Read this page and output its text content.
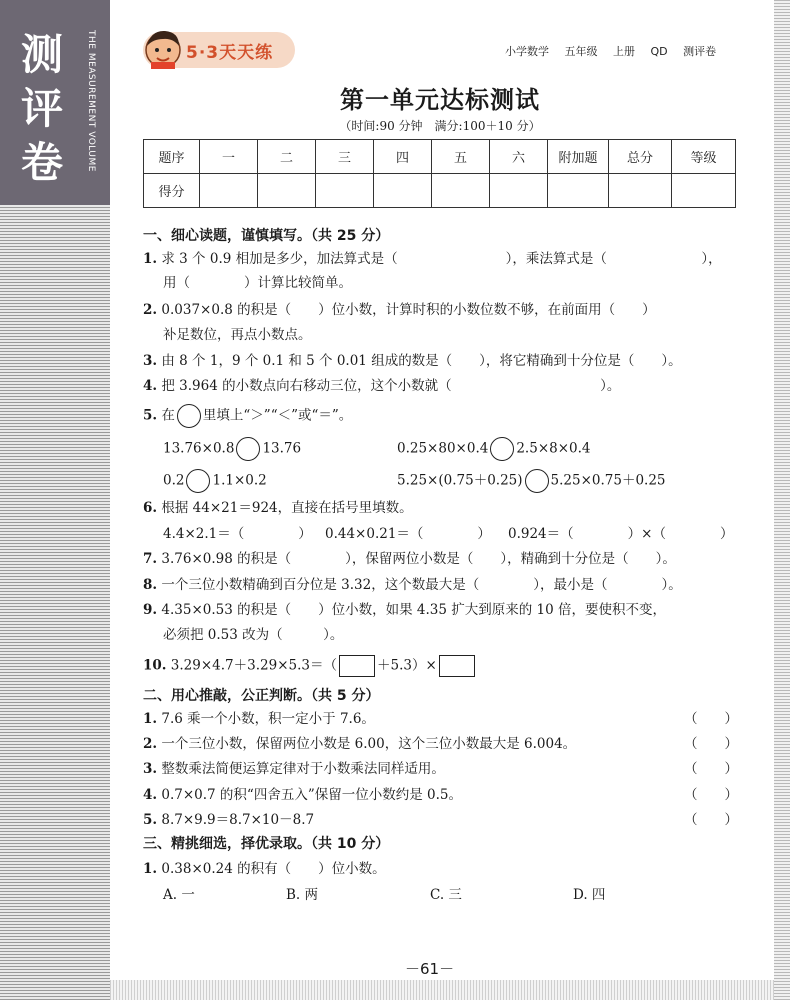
测
评
卷	THE MEASUREMENT VOLUME	5·3天天练	小学数学 五年级 上册 QD 测评卷
第一单元达标测试
（时间:90 分钟　满分:100＋10 分）
题序	一	二	三	四	五	六	附加题	总分	等级
得分									
一、细心读题，谨慎填写。（共 25 分）
1. 求 3 个 0.9 相加是多少，加法算式是（　　　　　　　　），乘法算式是（　　　　　　　），
用（　　　　）计算比较简单。
2. 0.037×0.8 的积是（　　）位小数，计算时积的小数位数不够，在前面用（　　）
补足数位，再点小数点。
3. 由 8 个 1，9 个 0.1 和 5 个 0.01 组成的数是（　　），将它精确到十分位是（　　）。
4. 把 3.964 的小数点向右移动三位，这个小数就（　　　　　　　　　　　）。
5. 在 里填上“＞”“＜”或“＝”。
13.76×0.8 13.76	0.25×80×0.4 2.5×8×0.4
0.2 1.1×0.2	5.25×(0.75＋0.25) 5.25×0.75＋0.25
6. 根据 44×21＝924，直接在括号里填数。
4.4×2.1＝（　　　　） 0.44×0.21＝（　　　　） 0.924＝（　　　　）×（　　　　）
7. 3.76×0.98 的积是（　　　　），保留两位小数是（　　），精确到十分位是（　　）。
8. 一个三位小数精确到百分位是 3.32，这个数最大是（　　　　），最小是（　　　　）。
9. 4.35×0.53 的积是（　　）位小数，如果 4.35 扩大到原来的 10 倍，要使积不变，
必须把 0.53 改为（　　　）。
10. 3.29×4.7＋3.29×5.3＝（	＋5.3）×
二、用心推敲，公正判断。（共 5 分）
1. 7.6 乘一个小数，积一定小于 7.6。	（　　）
2. 一个三位小数，保留两位小数是 6.00，这个三位小数最大是 6.004。	（　　）
3. 整数乘法简便运算定律对于小数乘法同样适用。	（　　）
4. 0.7×0.7 的积“四舍五入”保留一位小数约是 0.5。	（　　）
5. 8.7×9.9＝8.7×10－8.7	（　　）
三、精挑细选，择优录取。（共 10 分）
1. 0.38×0.24 的积有（　　）位小数。
A. 一	B. 两	C. 三	D. 四
－61－
